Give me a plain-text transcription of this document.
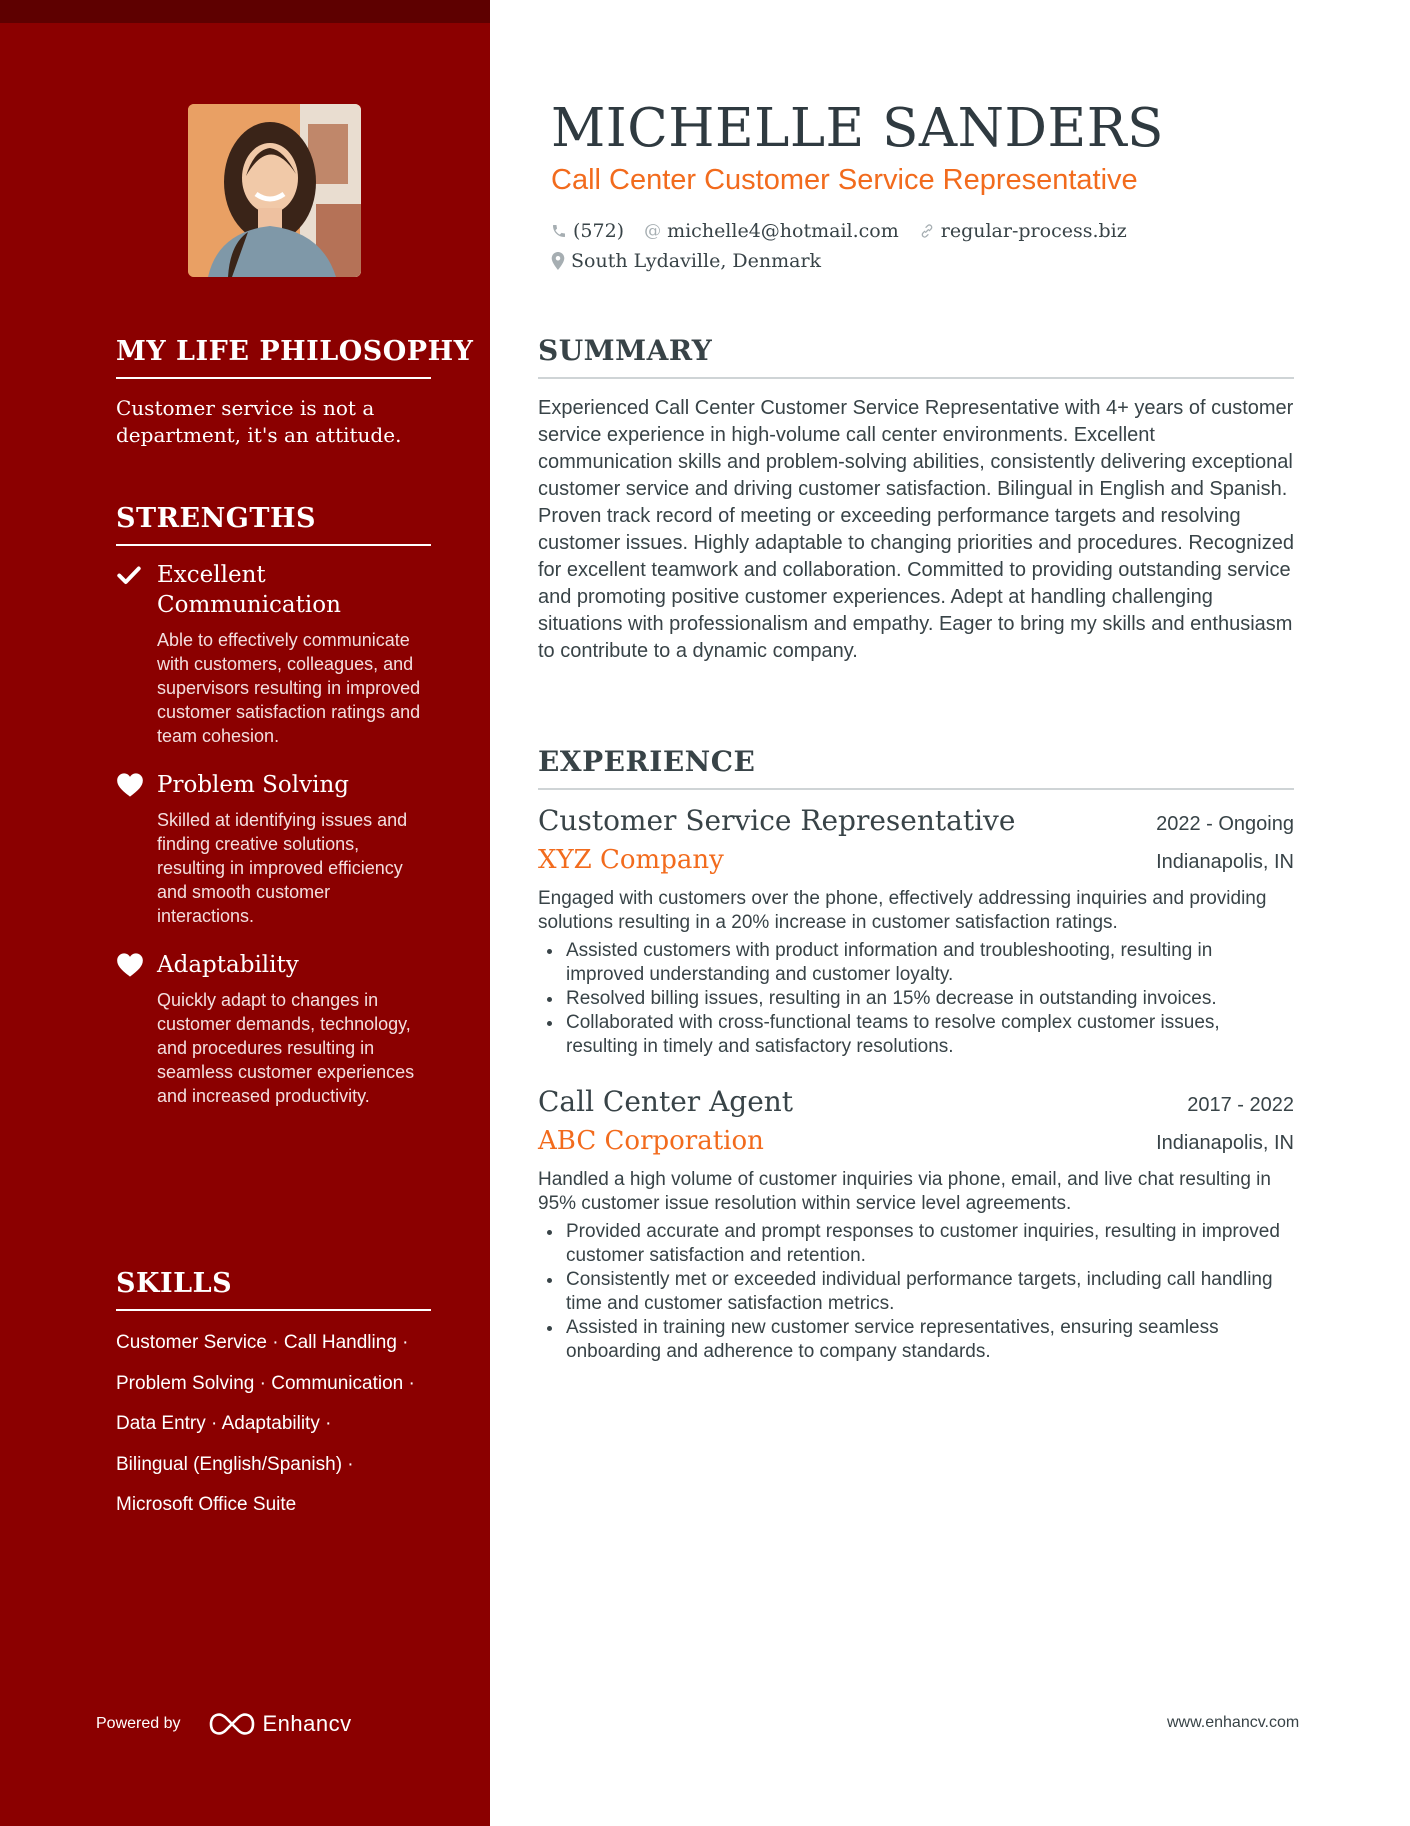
MY LIFE PHILOSOPHY
Customer service is not a department, it's an attitude.
STRENGTHS
Excellent Communication
Able to effectively communicate with customers, colleagues, and supervisors resulting in improved customer satisfaction ratings and team cohesion.
Problem Solving
Skilled at identifying issues and finding creative solutions, resulting in improved efficiency and smooth customer interactions.
Adaptability
Quickly adapt to changes in customer demands, technology, and procedures resulting in seamless customer experiences and increased productivity.
SKILLS
Customer Service · Call Handling ·
Problem Solving · Communication ·
Data Entry · Adaptability ·
Bilingual (English/Spanish) ·
Microsoft Office Suite
Powered by	Enhancv
MICHELLE SANDERS
Call Center Customer Service Representative
(572) @ michelle4@hotmail.com regular-process.biz
South Lydaville, Denmark
SUMMARY
Experienced Call Center Customer Service Representative with 4+ years of customer service experience in high-volume call center environments. Excellent communication skills and problem-solving abilities, consistently delivering exceptional customer service and driving customer satisfaction. Bilingual in English and Spanish. Proven track record of meeting or exceeding performance targets and resolving customer issues. Highly adaptable to changing priorities and procedures. Recognized for excellent teamwork and collaboration. Committed to providing outstanding service and promoting positive customer experiences. Adept at handling challenging situations with professionalism and empathy. Eager to bring my skills and enthusiasm to contribute to a dynamic company.
EXPERIENCE
Customer Service Representative	2022 - Ongoing
XYZ Company	Indianapolis, IN
Engaged with customers over the phone, effectively addressing inquiries and providing solutions resulting in a 20% increase in customer satisfaction ratings.
Assisted customers with product information and troubleshooting, resulting in improved understanding and customer loyalty.
Resolved billing issues, resulting in an 15% decrease in outstanding invoices.
Collaborated with cross-functional teams to resolve complex customer issues, resulting in timely and satisfactory resolutions.
Call Center Agent	2017 - 2022
ABC Corporation	Indianapolis, IN
Handled a high volume of customer inquiries via phone, email, and live chat resulting in 95% customer issue resolution within service level agreements.
Provided accurate and prompt responses to customer inquiries, resulting in improved customer satisfaction and retention.
Consistently met or exceeded individual performance targets, including call handling time and customer satisfaction metrics.
Assisted in training new customer service representatives, ensuring seamless onboarding and adherence to company standards.
www.enhancv.com
